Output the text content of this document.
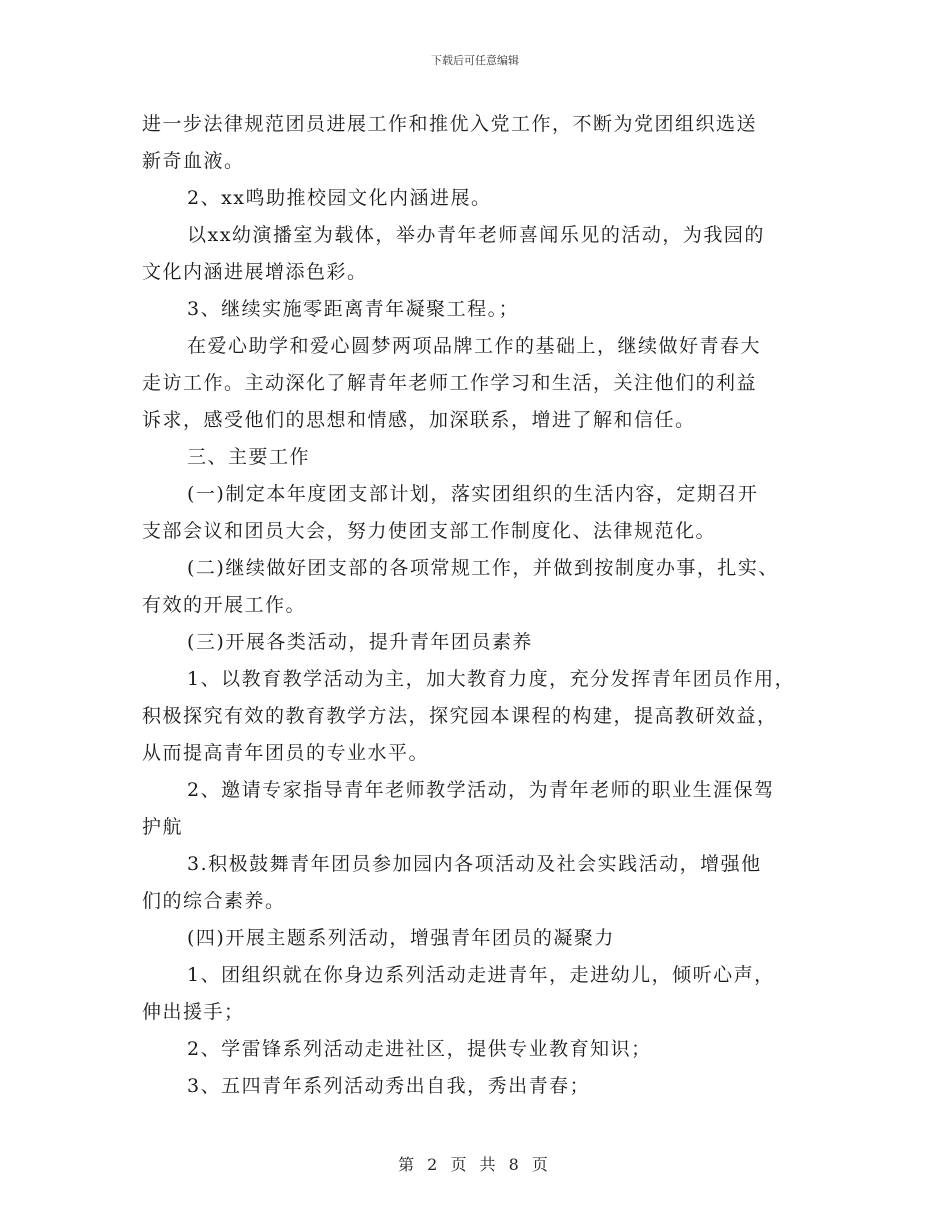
下载后可任意编辑
进一步法律规范团员进展工作和推优入党工作，不断为党团组织选送
新奇血液。
2、xx鸣助推校园文化内涵进展。
以xx幼演播室为载体，举办青年老师喜闻乐见的活动，为我园的
文化内涵进展增添色彩。
3、继续实施零距离青年凝聚工程。；
在爱心助学和爱心圆梦两项品牌工作的基础上，继续做好青春大
走访工作。主动深化了解青年老师工作学习和生活，关注他们的利益
诉求，感受他们的思想和情感，加深联系，增进了解和信任。
三、主要工作
(一)制定本年度团支部计划，落实团组织的生活内容，定期召开
支部会议和团员大会，努力使团支部工作制度化、法律规范化。
(二)继续做好团支部的各项常规工作，并做到按制度办事，扎实、
有效的开展工作。
(三)开展各类活动，提升青年团员素养
1、以教育教学活动为主，加大教育力度，充分发挥青年团员作用，
积极探究有效的教育教学方法，探究园本课程的构建，提高教研效益，
从而提高青年团员的专业水平。
2、邀请专家指导青年老师教学活动，为青年老师的职业生涯保驾
护航
3.积极鼓舞青年团员参加园内各项活动及社会实践活动，增强他
们的综合素养。
(四)开展主题系列活动，增强青年团员的凝聚力
1、团组织就在你身边系列活动走进青年，走进幼儿，倾听心声，
伸出援手；
2、学雷锋系列活动走进社区，提供专业教育知识；
3、五四青年系列活动秀出自我，秀出青春；
第 2 页 共 8 页
